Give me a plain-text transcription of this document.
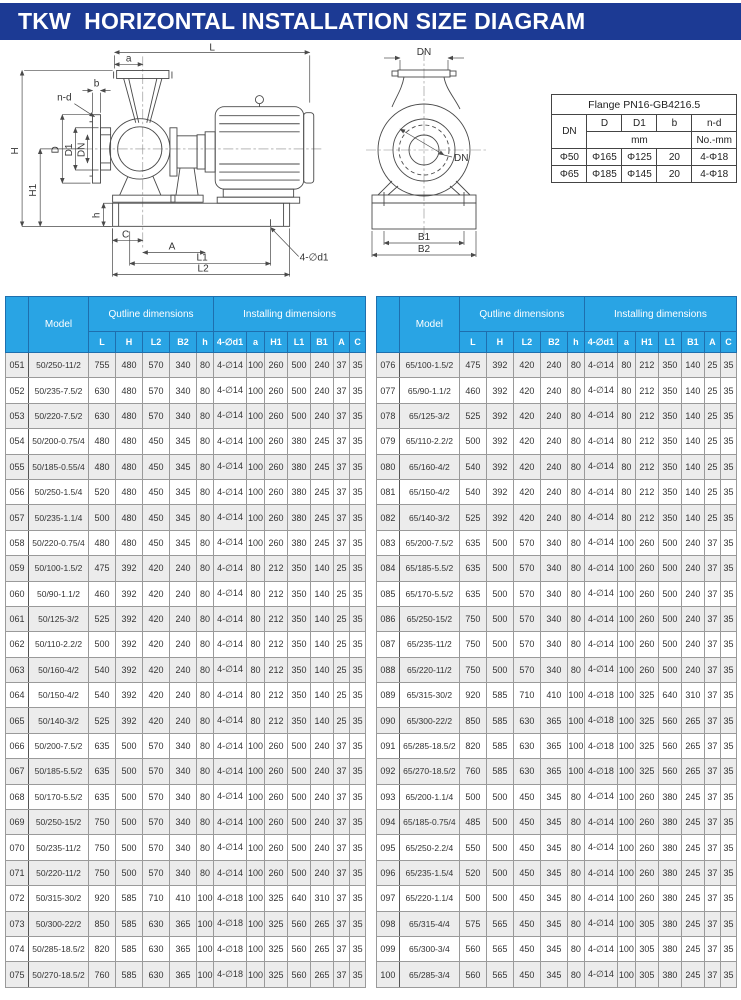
TKW  HORIZONTAL INSTALLATION SIZE DIAGRAM
L
a
b
n-d
H
H1
D D1 DN
h
C
A
L1
L2
4-∅d1
DN
DN
B1
B2
Flange PN16-GB4216.5				
DN	D	D1	b	n-d
	mm			No.-mm
Φ50	Φ165	Φ125	20	4-Φ18
Φ65	Φ185	Φ145	20	4-Φ18
	Model	Qutline dimensions					Installing dimensions						
		L	H	L2	B2	h	4-∅d1	a	H1	L1	B1	A	C
051	50/250-11/2	755	480	570	340	80	4-∅14	100	260	500	240	37	35
052	50/235-7.5/2	630	480	570	340	80	4-∅14	100	260	500	240	37	35
053	50/220-7.5/2	630	480	570	340	80	4-∅14	100	260	500	240	37	35
054	50/200-0.75/4	480	480	450	345	80	4-∅14	100	260	380	245	37	35
055	50/185-0.55/4	480	480	450	345	80	4-∅14	100	260	380	245	37	35
056	50/250-1.5/4	520	480	450	345	80	4-∅14	100	260	380	245	37	35
057	50/235-1.1/4	500	480	450	345	80	4-∅14	100	260	380	245	37	35
058	50/220-0.75/4	480	480	450	345	80	4-∅14	100	260	380	245	37	35
059	50/100-1.5/2	475	392	420	240	80	4-∅14	80	212	350	140	25	35
060	50/90-1.1/2	460	392	420	240	80	4-∅14	80	212	350	140	25	35
061	50/125-3/2	525	392	420	240	80	4-∅14	80	212	350	140	25	35
062	50/110-2.2/2	500	392	420	240	80	4-∅14	80	212	350	140	25	35
063	50/160-4/2	540	392	420	240	80	4-∅14	80	212	350	140	25	35
064	50/150-4/2	540	392	420	240	80	4-∅14	80	212	350	140	25	35
065	50/140-3/2	525	392	420	240	80	4-∅14	80	212	350	140	25	35
066	50/200-7.5/2	635	500	570	340	80	4-∅14	100	260	500	240	37	35
067	50/185-5.5/2	635	500	570	340	80	4-∅14	100	260	500	240	37	35
068	50/170-5.5/2	635	500	570	340	80	4-∅14	100	260	500	240	37	35
069	50/250-15/2	750	500	570	340	80	4-∅14	100	260	500	240	37	35
070	50/235-11/2	750	500	570	340	80	4-∅14	100	260	500	240	37	35
071	50/220-11/2	750	500	570	340	80	4-∅14	100	260	500	240	37	35
072	50/315-30/2	920	585	710	410	100	4-∅18	100	325	640	310	37	35
073	50/300-22/2	850	585	630	365	100	4-∅18	100	325	560	265	37	35
074	50/285-18.5/2	820	585	630	365	100	4-∅18	100	325	560	265	37	35
075	50/270-18.5/2	760	585	630	365	100	4-∅18	100	325	560	265	37	35
	Model	Qutline dimensions					Installing dimensions						
		L	H	L2	B2	h	4-∅d1	a	H1	L1	B1	A	C
076	65/100-1.5/2	475	392	420	240	80	4-∅14	80	212	350	140	25	35
077	65/90-1.1/2	460	392	420	240	80	4-∅14	80	212	350	140	25	35
078	65/125-3/2	525	392	420	240	80	4-∅14	80	212	350	140	25	35
079	65/110-2.2/2	500	392	420	240	80	4-∅14	80	212	350	140	25	35
080	65/160-4/2	540	392	420	240	80	4-∅14	80	212	350	140	25	35
081	65/150-4/2	540	392	420	240	80	4-∅14	80	212	350	140	25	35
082	65/140-3/2	525	392	420	240	80	4-∅14	80	212	350	140	25	35
083	65/200-7.5/2	635	500	570	340	80	4-∅14	100	260	500	240	37	35
084	65/185-5.5/2	635	500	570	340	80	4-∅14	100	260	500	240	37	35
085	65/170-5.5/2	635	500	570	340	80	4-∅14	100	260	500	240	37	35
086	65/250-15/2	750	500	570	340	80	4-∅14	100	260	500	240	37	35
087	65/235-11/2	750	500	570	340	80	4-∅14	100	260	500	240	37	35
088	65/220-11/2	750	500	570	340	80	4-∅14	100	260	500	240	37	35
089	65/315-30/2	920	585	710	410	100	4-∅18	100	325	640	310	37	35
090	65/300-22/2	850	585	630	365	100	4-∅18	100	325	560	265	37	35
091	65/285-18.5/2	820	585	630	365	100	4-∅18	100	325	560	265	37	35
092	65/270-18.5/2	760	585	630	365	100	4-∅18	100	325	560	265	37	35
093	65/200-1.1/4	500	500	450	345	80	4-∅14	100	260	380	245	37	35
094	65/185-0.75/4	485	500	450	345	80	4-∅14	100	260	380	245	37	35
095	65/250-2.2/4	550	500	450	345	80	4-∅14	100	260	380	245	37	35
096	65/235-1.5/4	520	500	450	345	80	4-∅14	100	260	380	245	37	35
097	65/220-1.1/4	500	500	450	345	80	4-∅14	100	260	380	245	37	35
098	65/315-4/4	575	565	450	345	80	4-∅14	100	305	380	245	37	35
099	65/300-3/4	560	565	450	345	80	4-∅14	100	305	380	245	37	35
100	65/285-3/4	560	565	450	345	80	4-∅14	100	305	380	245	37	35
